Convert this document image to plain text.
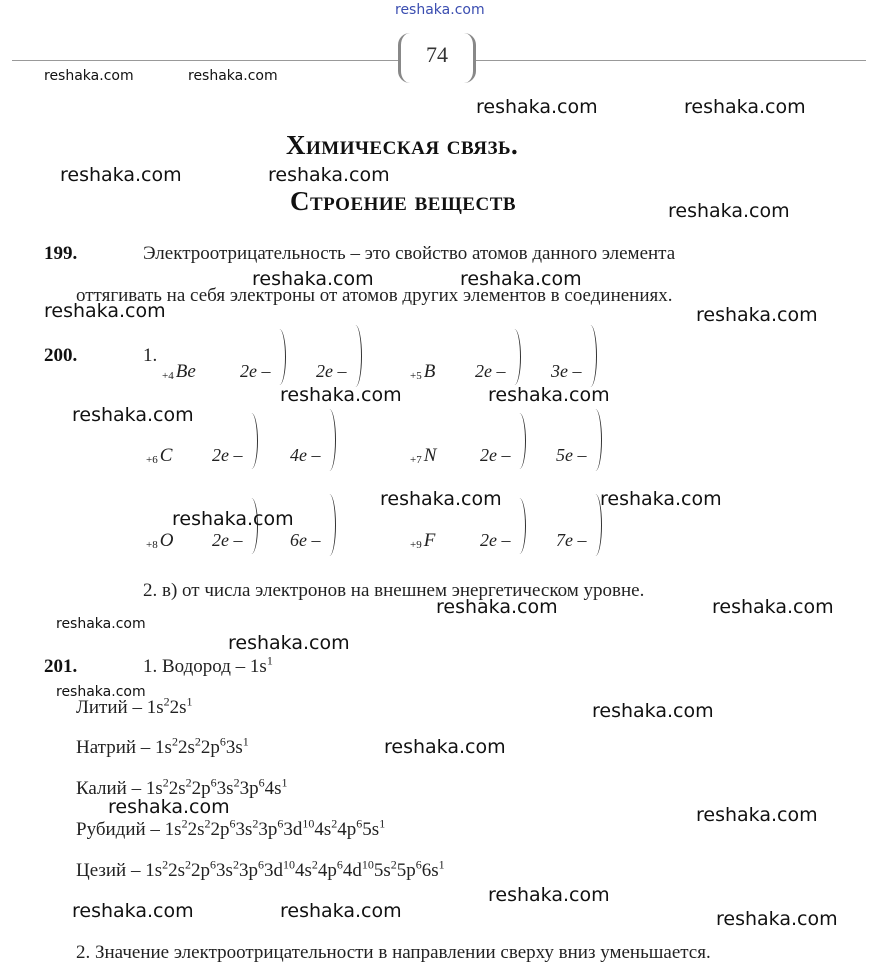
reshaka.com
74
reshaka.com	reshaka.com
Химическая связь.
Строение веществ
199.	Электроотрицательность – это свойство атомов данного элемента
оттягивать на себя электроны от атомов других элементов в соединениях.
200.	1.
$_{+4}$ Be 2e –	2e –	$_{+5}$ B 2e –	3e –
$_{+6}$ C 2e –	4e –	$_{+7}$ N 2e –	5e –
$_{+8}$ O 2e –	6e –	$_{+9}$ F 2e –	7e –
2. в) от числа электронов на внешнем энергетическом уровне.
201.	1. Водород – $1s^1$
Литий – $1s^22s^1$
Натрий – $1s^22s^22p^63s^1$
Калий – $1s^22s^22p^63s^23p^64s^1$
Рубидий – $1s^22s^22p^63s^23p^63d^{10}4s^24p^65s^1$
Цезий – $1s^22s^22p^63s^23p^63d^{10}4s^24p^64d^{10}5s^25p^66s^1$
2. Значение электроотрицательности в направлении сверху вниз уменьшается.
reshaka.com	reshaka.com
reshaka.com	reshaka.com
reshaka.com
reshaka.com	reshaka.com
reshaka.com	reshaka.com
reshaka.com	reshaka.com
reshaka.com
reshaka.com	reshaka.com
reshaka.com
reshaka.com	reshaka.com
reshaka.com
reshaka.com
reshaka.com
reshaka.com
reshaka.com
reshaka.com	reshaka.com
reshaka.com
reshaka.com	reshaka.com	reshaka.com
